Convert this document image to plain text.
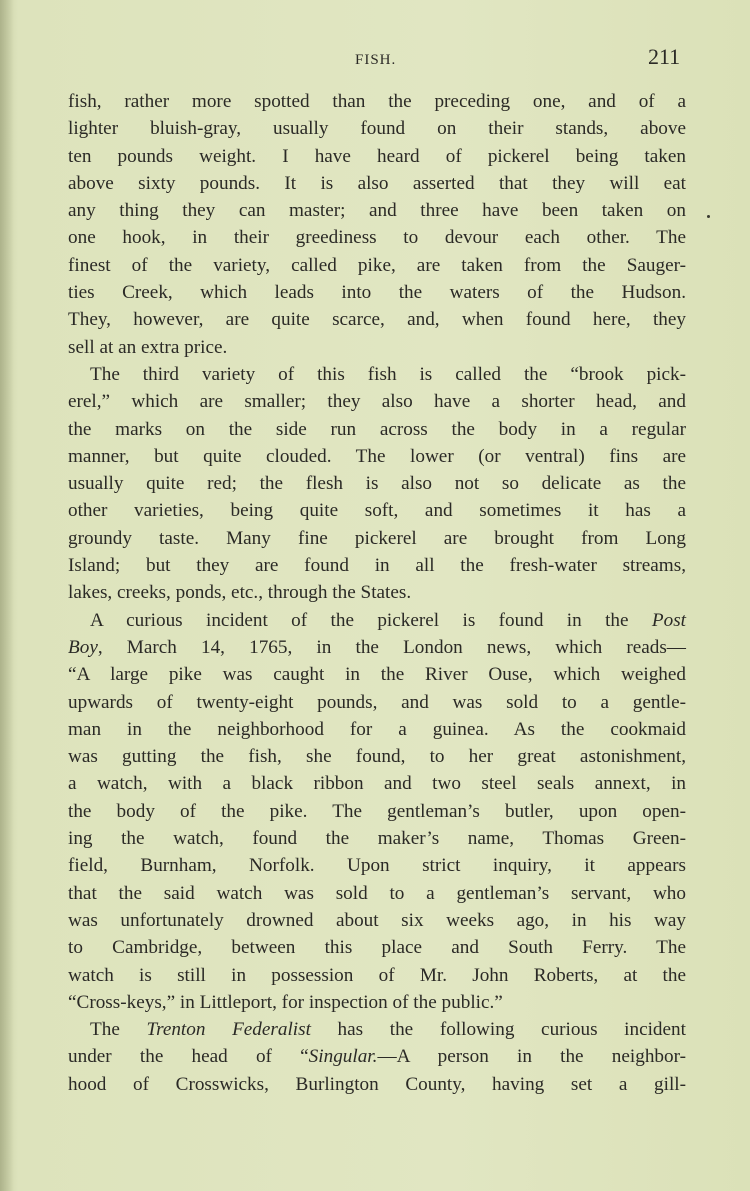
FISH.	211
fish, rather more spotted than the preceding one, and of a
lighter bluish-gray, usually found on their stands, above
ten pounds weight. I have heard of pickerel being taken
above sixty pounds. It is also asserted that they will eat
any thing they can master; and three have been taken on
one hook, in their greediness to devour each other. The
finest of the variety, called pike, are taken from the Sauger-
ties Creek, which leads into the waters of the Hudson.
They, however, are quite scarce, and, when found here, they
sell at an extra price.
The third variety of this fish is called the “brook pick-
erel,” which are smaller; they also have a shorter head, and
the marks on the side run across the body in a regular
manner, but quite clouded. The lower (or ventral) fins are
usually quite red; the flesh is also not so delicate as the
other varieties, being quite soft, and sometimes it has a
groundy taste. Many fine pickerel are brought from Long
Island; but they are found in all the fresh-water streams,
lakes, creeks, ponds, etc., through the States.
A curious incident of the pickerel is found in the Post
Boy, March 14, 1765, in the London news, which reads—
“A large pike was caught in the River Ouse, which weighed
upwards of twenty-eight pounds, and was sold to a gentle-
man in the neighborhood for a guinea. As the cookmaid
was gutting the fish, she found, to her great astonishment,
a watch, with a black ribbon and two steel seals annext, in
the body of the pike. The gentleman’s butler, upon open-
ing the watch, found the maker’s name, Thomas Green-
field, Burnham, Norfolk. Upon strict inquiry, it appears
that the said watch was sold to a gentleman’s servant, who
was unfortunately drowned about six weeks ago, in his way
to Cambridge, between this place and South Ferry. The
watch is still in possession of Mr. John Roberts, at the
“Cross-keys,” in Littleport, for inspection of the public.”
The Trenton Federalist has the following curious incident
under the head of “Singular.—A person in the neighbor-
hood of Crosswicks, Burlington County, having set a gill-
